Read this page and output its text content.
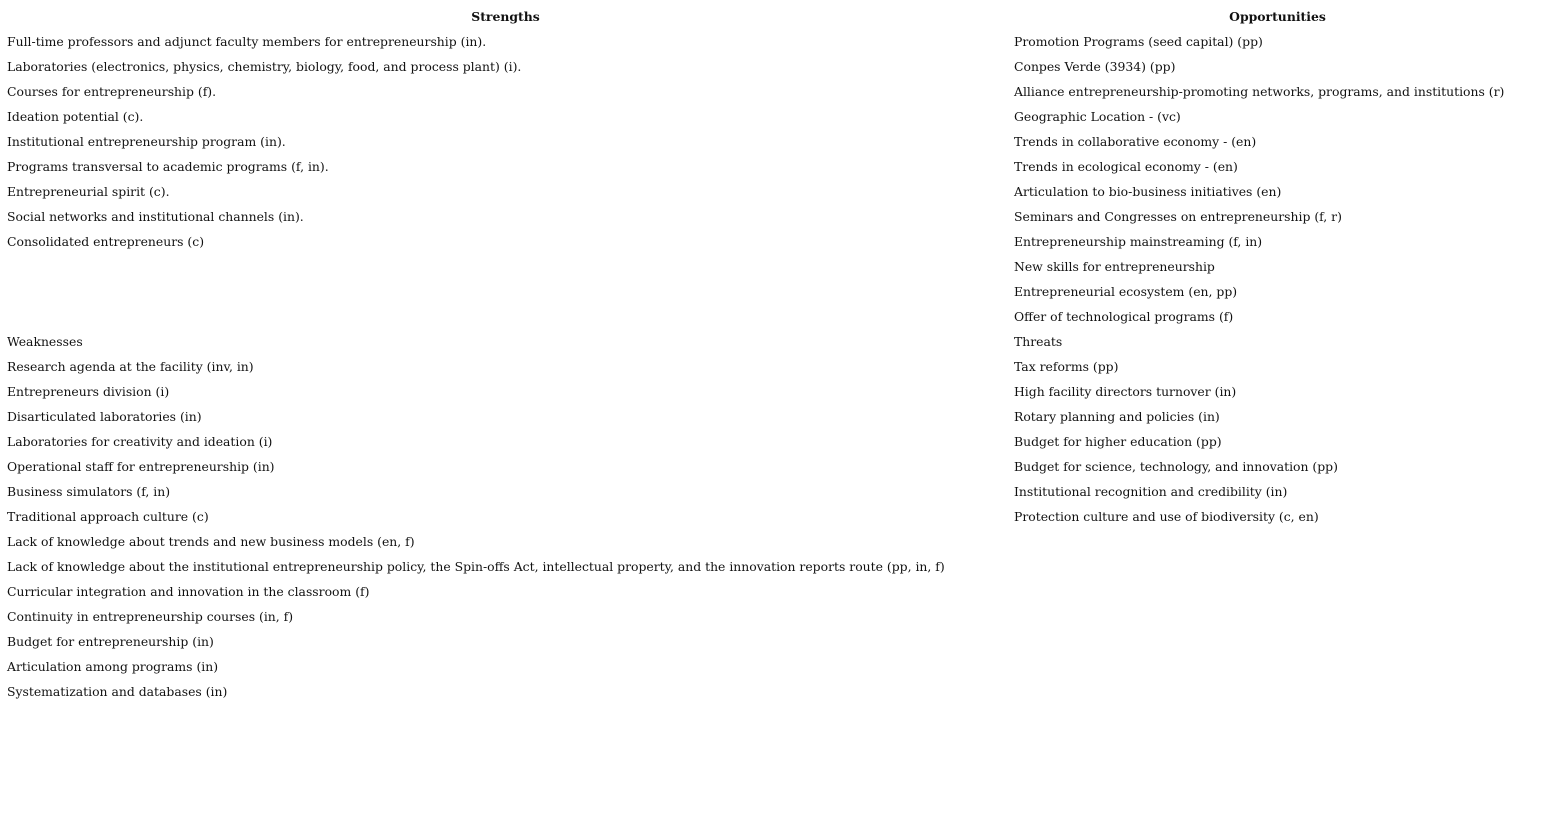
Strengths	Opportunities
Full-time professors and adjunct faculty members for entrepreneurship (in).	Promotion Programs (seed capital) (pp)
Laboratories (electronics, physics, chemistry, biology, food, and process plant) (i).	Conpes Verde (3934) (pp)
Courses for entrepreneurship (f).	Alliance entrepreneurship-promoting networks, programs, and institutions (r)
Ideation potential (c).	Geographic Location - (vc)
Institutional entrepreneurship program (in).	Trends in collaborative economy - (en)
Programs transversal to academic programs (f, in).	Trends in ecological economy - (en)
Entrepreneurial spirit (c).	Articulation to bio-business initiatives (en)
Social networks and institutional channels (in).	Seminars and Congresses on entrepreneurship (f, r)
Consolidated entrepreneurs (c)	Entrepreneurship mainstreaming (f, in)
	New skills for entrepreneurship
	Entrepreneurial ecosystem (en, pp)
	Offer of technological programs (f)
Weaknesses	Threats
Research agenda at the facility (inv, in)	Tax reforms (pp)
Entrepreneurs division (i)	High facility directors turnover (in)
Disarticulated laboratories (in)	Rotary planning and policies (in)
Laboratories for creativity and ideation (i)	Budget for higher education (pp)
Operational staff for entrepreneurship (in)	Budget for science, technology, and innovation (pp)
Business simulators (f, in)	Institutional recognition and credibility (in)
Traditional approach culture (c)	Protection culture and use of biodiversity (c, en)
Lack of knowledge about trends and new business models (en, f)	
Lack of knowledge about the institutional entrepreneurship policy, the Spin-offs Act, intellectual property, and the innovation reports route (pp, in, f)	
Curricular integration and innovation in the classroom (f)	
Continuity in entrepreneurship courses (in, f)	
Budget for entrepreneurship (in)	
Articulation among programs (in)	
Systematization and databases (in)	
